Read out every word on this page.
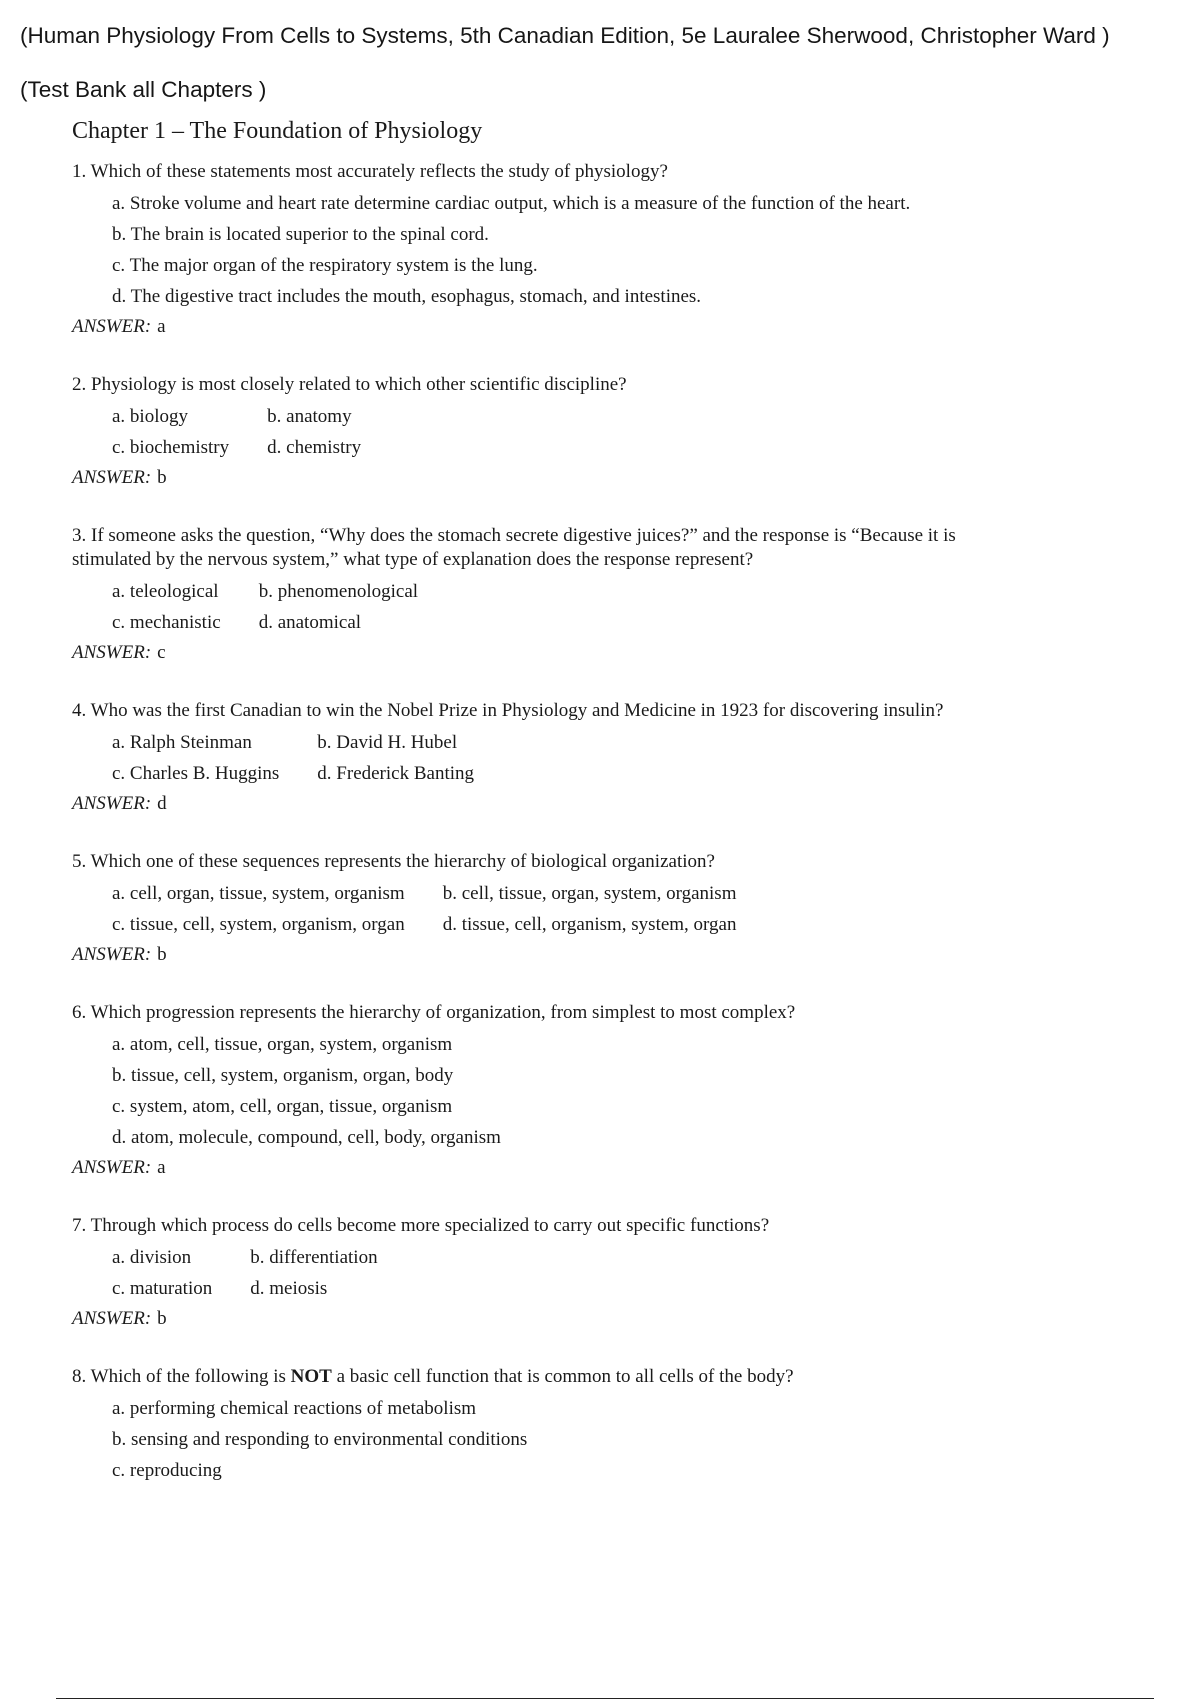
(Human Physiology From Cells to Systems, 5th Canadian Edition, 5e Lauralee Sherwood, Christopher Ward )
(Test Bank all Chapters )
Chapter 1 – The Foundation of Physiology
1. Which of these statements most accurately reflects the study of physiology?
a. Stroke volume and heart rate determine cardiac output, which is a measure of the function of the heart.
b. The brain is located superior to the spinal cord.
c. The major organ of the respiratory system is the lung.
d. The digestive tract includes the mouth, esophagus, stomach, and intestines.
ANSWER: a
2. Physiology is most closely related to which other scientific discipline?
a. biology	b. anatomy
c. biochemistry d. chemistry
ANSWER: b
3. If someone asks the question, “Why does the stomach secrete digestive juices?” and the response is “Because it is
stimulated by the nervous system,” what type of explanation does the response represent?
a. teleological b. phenomenological
c. mechanistic d. anatomical
ANSWER: c
4. Who was the first Canadian to win the Nobel Prize in Physiology and Medicine in 1923 for discovering insulin?
a. Ralph Steinman	b. David H. Hubel
c. Charles B. Huggins d. Frederick Banting
ANSWER: d
5. Which one of these sequences represents the hierarchy of biological organization?
a. cell, organ, tissue, system, organism b. cell, tissue, organ, system, organism
c. tissue, cell, system, organism, organ d. tissue, cell, organism, system, organ
ANSWER: b
6. Which progression represents the hierarchy of organization, from simplest to most complex?
a. atom, cell, tissue, organ, system, organism
b. tissue, cell, system, organism, organ, body
c. system, atom, cell, organ, tissue, organism
d. atom, molecule, compound, cell, body, organism
ANSWER: a
7. Through which process do cells become more specialized to carry out specific functions?
a. division	b. differentiation
c. maturation d. meiosis
ANSWER: b
8. Which of the following is NOT a basic cell function that is common to all cells of the body?
a. performing chemical reactions of metabolism
b. sensing and responding to environmental conditions
c. reproducing
